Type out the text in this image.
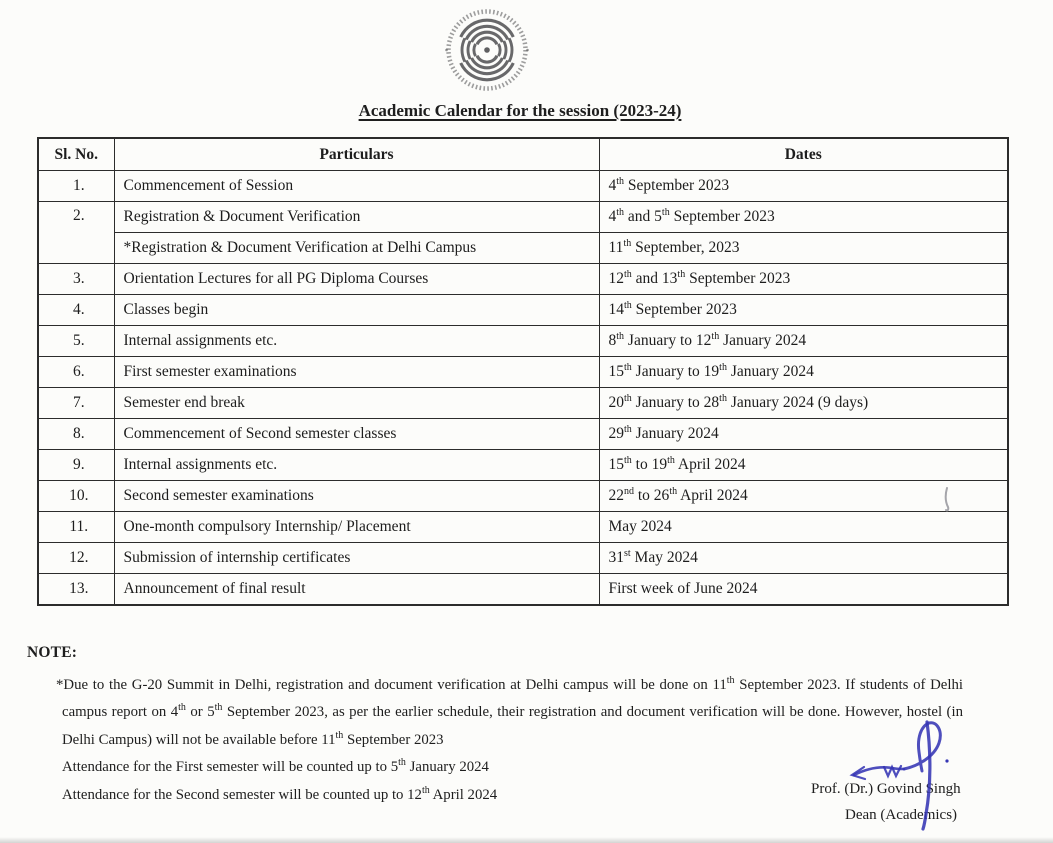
Academic Calendar for the session (2023-24)
Sl. No.	Particulars	Dates
1.	Commencement of Session	4th September 2023
2.	Registration & Document Verification	4th and 5th September 2023
	*Registration & Document Verification at Delhi Campus	11th September, 2023
3.	Orientation Lectures for all PG Diploma Courses	12th and 13th September 2023
4.	Classes begin	14th September 2023
5.	Internal assignments etc.	8th January to 12th January 2024
6.	First semester examinations	15th January to 19th January 2024
7.	Semester end break	20th January to 28th January 2024 (9 days)
8.	Commencement of Second semester classes	29th January 2024
9.	Internal assignments etc.	15th to 19th April 2024
10.	Second semester examinations	22nd to 26th April 2024
11.	One-month compulsory Internship/ Placement	May 2024
12.	Submission of internship certificates	31st May 2024
13.	Announcement of final result	First week of June 2024
NOTE:
*Due to the G-20 Summit in Delhi, registration and document verification at Delhi campus will be done on 11th September 2023. If students of Delhi
campus report on 4th or 5th September 2023, as per the earlier schedule, their registration and document verification will be done. However, hostel (in
Delhi Campus) will not be available before 11th September 2023
Attendance for the First semester will be counted up to 5th January 2024
Attendance for the Second semester will be counted up to 12th April 2024	Prof. (Dr.) Govind Singh
Dean (Academics)
